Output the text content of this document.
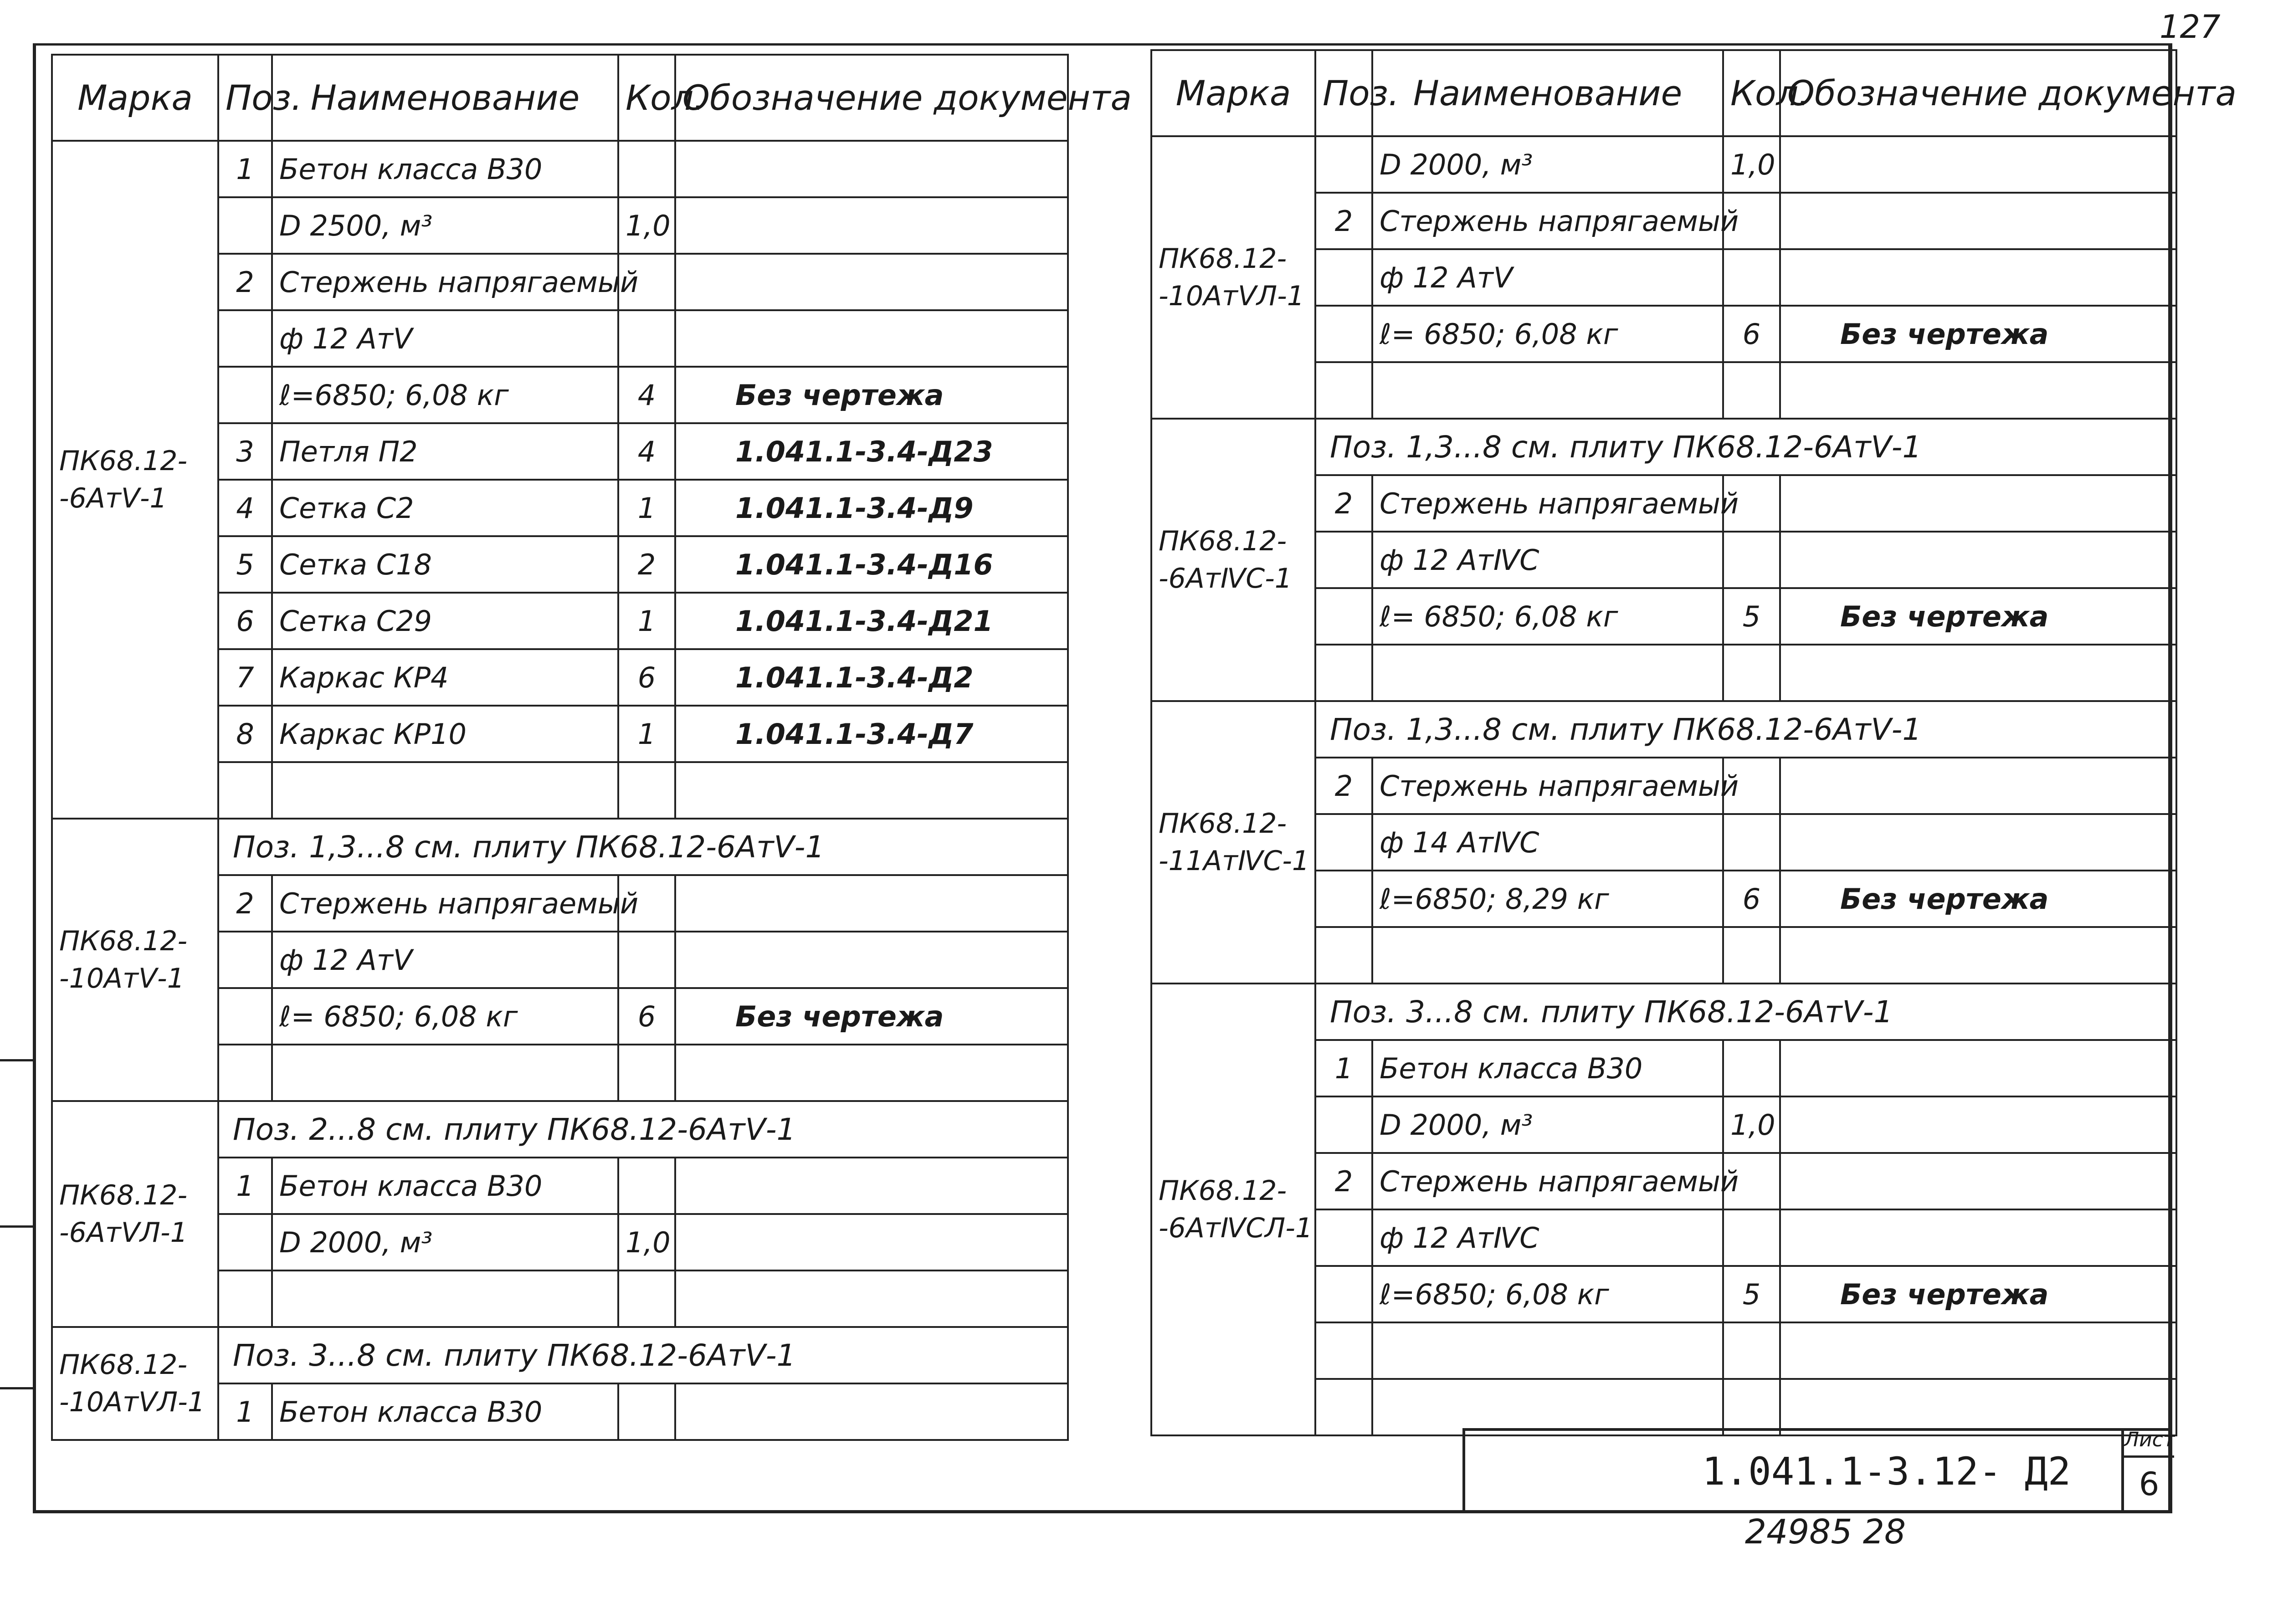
127
Марка	Поз.	Наименование	Кол.	Обозначение документа
ПК68.12--6АтⅤ-1	1	Бетон класса В30		
		D 2500, м³	1,0	
	2	Стержень напрягаемый		
		ф 12 АтⅤ		
		ℓ=6850; 6,08 кг	4	Без чертежа
	3	Петля П2	4	1.041.1-3.4-Д23
	4	Сетка С2	1	1.041.1-3.4-Д9
	5	Сетка С18	2	1.041.1-3.4-Д16
	6	Сетка С29	1	1.041.1-3.4-Д21
	7	Каркас КР4	6	1.041.1-3.4-Д2
	8	Каркас КР10	1	1.041.1-3.4-Д7

ПК68.12--10АтⅤ-1	Поз. 1,3...8 см. плиту ПК68.12-6АтⅤ-1			
	2	Стержень напрягаемый		
		ф 12 АтⅤ		
		ℓ= 6850; 6,08 кг	6	Без чертежа

ПК68.12--6АтⅤЛ-1	Поз. 2...8 см. плиту ПК68.12-6АтⅤ-1			
	1	Бетон класса В30		
		D 2000, м³	1,0	

ПК68.12--10АтⅤЛ-1	Поз. 3...8 см. плиту ПК68.12-6АтⅤ-1			
	1	Бетон класса В30		
Марка	Поз.	Наименование	Кол.	Обозначение документа
ПК68.12--10АтⅤЛ-1		D 2000, м³	1,0	
	2	Стержень напрягаемый		
		ф 12 АтⅤ		
		ℓ= 6850; 6,08 кг	6	Без чертежа

ПК68.12--6АтⅣС-1	Поз. 1,3...8 см. плиту ПК68.12-6АтⅤ-1			
	2	Стержень напрягаемый		
		ф 12 АтⅣС		
		ℓ= 6850; 6,08 кг	5	Без чертежа

ПК68.12--11АтⅣС-1	Поз. 1,3...8 см. плиту ПК68.12-6АтⅤ-1			
	2	Стержень напрягаемый		
		ф 14 АтⅣС		
		ℓ=6850; 8,29 кг	6	Без чертежа

ПК68.12--6АтⅣСЛ-1	Поз. 3...8 см. плиту ПК68.12-6АтⅤ-1			
	1	Бетон класса В30		
		D 2000, м³	1,0	
	2	Стержень напрягаемый		
		ф 12 АтⅣС		
		ℓ=6850; 6,08 кг	5	Без чертежа

1.041.1-3.12- Д2
Лист
6
24985 28
